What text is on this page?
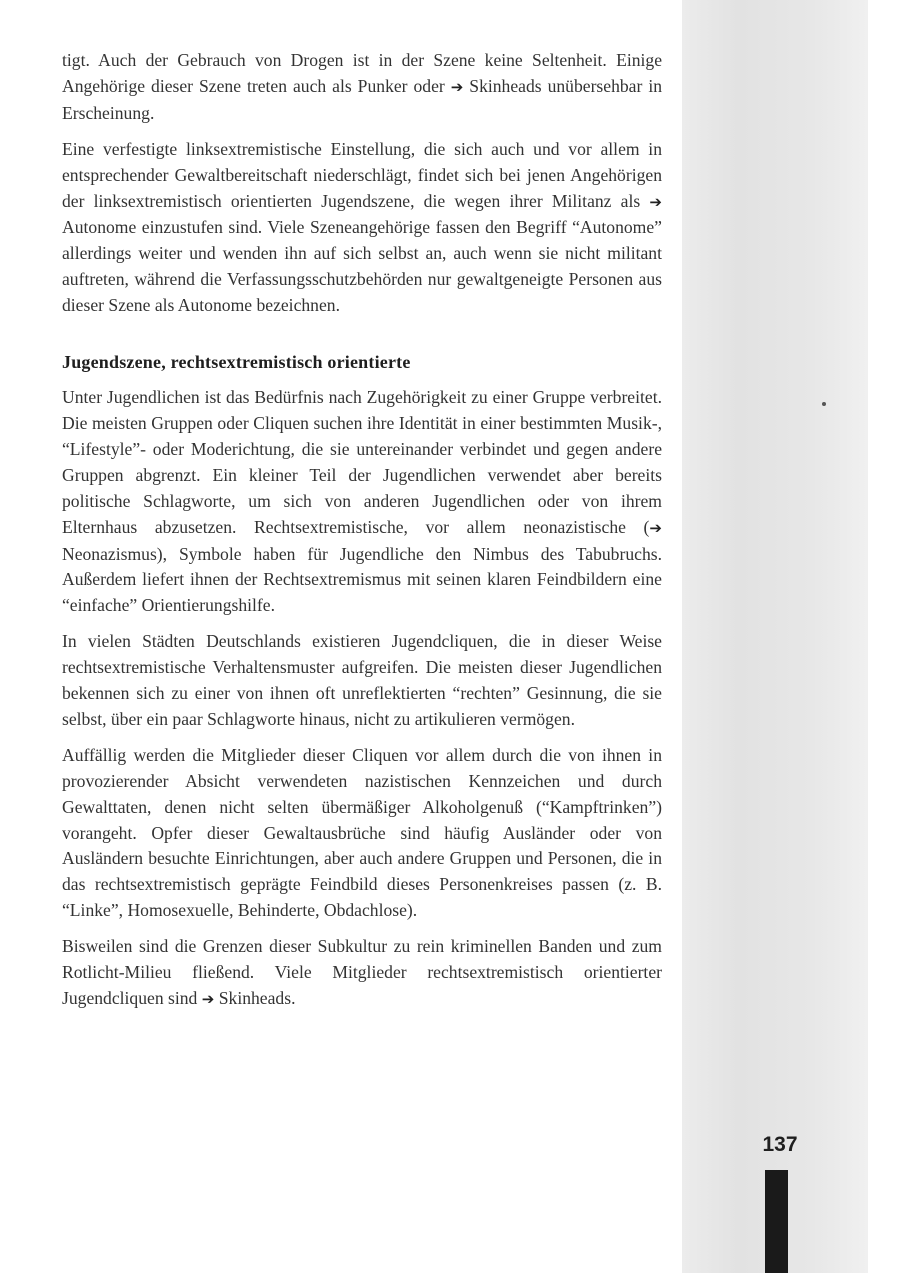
tigt. Auch der Gebrauch von Drogen ist in der Szene keine Seltenheit. Einige Angehörige dieser Szene treten auch als Punker oder ➔ Skinheads unübersehbar in Erscheinung.

Eine verfestigte linksextremistische Einstellung, die sich auch und vor allem in entsprechender Gewaltbereitschaft niederschlägt, findet sich bei jenen Angehörigen der linksextremistisch orientierten Jugendszene, die wegen ihrer Militanz als ➔ Autonome einzustufen sind. Viele Szeneangehörige fassen den Begriff “Autonome” allerdings weiter und wenden ihn auf sich selbst an, auch wenn sie nicht militant auftreten, während die Verfassungsschutzbehörden nur gewaltgeneigte Personen aus dieser Szene als Autonome bezeichnen.

Jugendszene, rechtsextremistisch orientierte

Unter Jugendlichen ist das Bedürfnis nach Zugehörigkeit zu einer Gruppe verbreitet. Die meisten Gruppen oder Cliquen suchen ihre Identität in einer bestimmten Musik-, “Lifestyle”- oder Moderichtung, die sie untereinander verbindet und gegen andere Gruppen abgrenzt. Ein kleiner Teil der Jugendlichen verwendet aber bereits politische Schlagworte, um sich von anderen Jugendlichen oder von ihrem Elternhaus abzusetzen. Rechtsextremistische, vor allem neonazistische (➔ Neonazismus), Symbole haben für Jugendliche den Nimbus des Tabubruchs. Außerdem liefert ihnen der Rechtsextremismus mit seinen klaren Feindbildern eine “einfache” Orientierungshilfe.

In vielen Städten Deutschlands existieren Jugendcliquen, die in dieser Weise rechtsextremistische Verhaltensmuster aufgreifen. Die meisten dieser Jugendlichen bekennen sich zu einer von ihnen oft unreflektierten “rechten” Gesinnung, die sie selbst, über ein paar Schlagworte hinaus, nicht zu artikulieren vermögen.

Auffällig werden die Mitglieder dieser Cliquen vor allem durch die von ihnen in provozierender Absicht verwendeten nazistischen Kennzeichen und durch Gewalttaten, denen nicht selten übermäßiger Alkoholgenuß (“Kampftrinken”) vorangeht. Opfer dieser Gewaltausbrüche sind häufig Ausländer oder von Ausländern besuchte Einrichtungen, aber auch andere Gruppen und Personen, die in das rechtsextremistisch geprägte Feindbild dieses Personenkreises passen (z. B. “Linke”, Homosexuelle, Behinderte, Obdachlose).

Bisweilen sind die Grenzen dieser Subkultur zu rein kriminellen Banden und zum Rotlicht-Milieu fließend. Viele Mitglieder rechtsextremistisch orientierter Jugendcliquen sind ➔ Skinheads.

137
